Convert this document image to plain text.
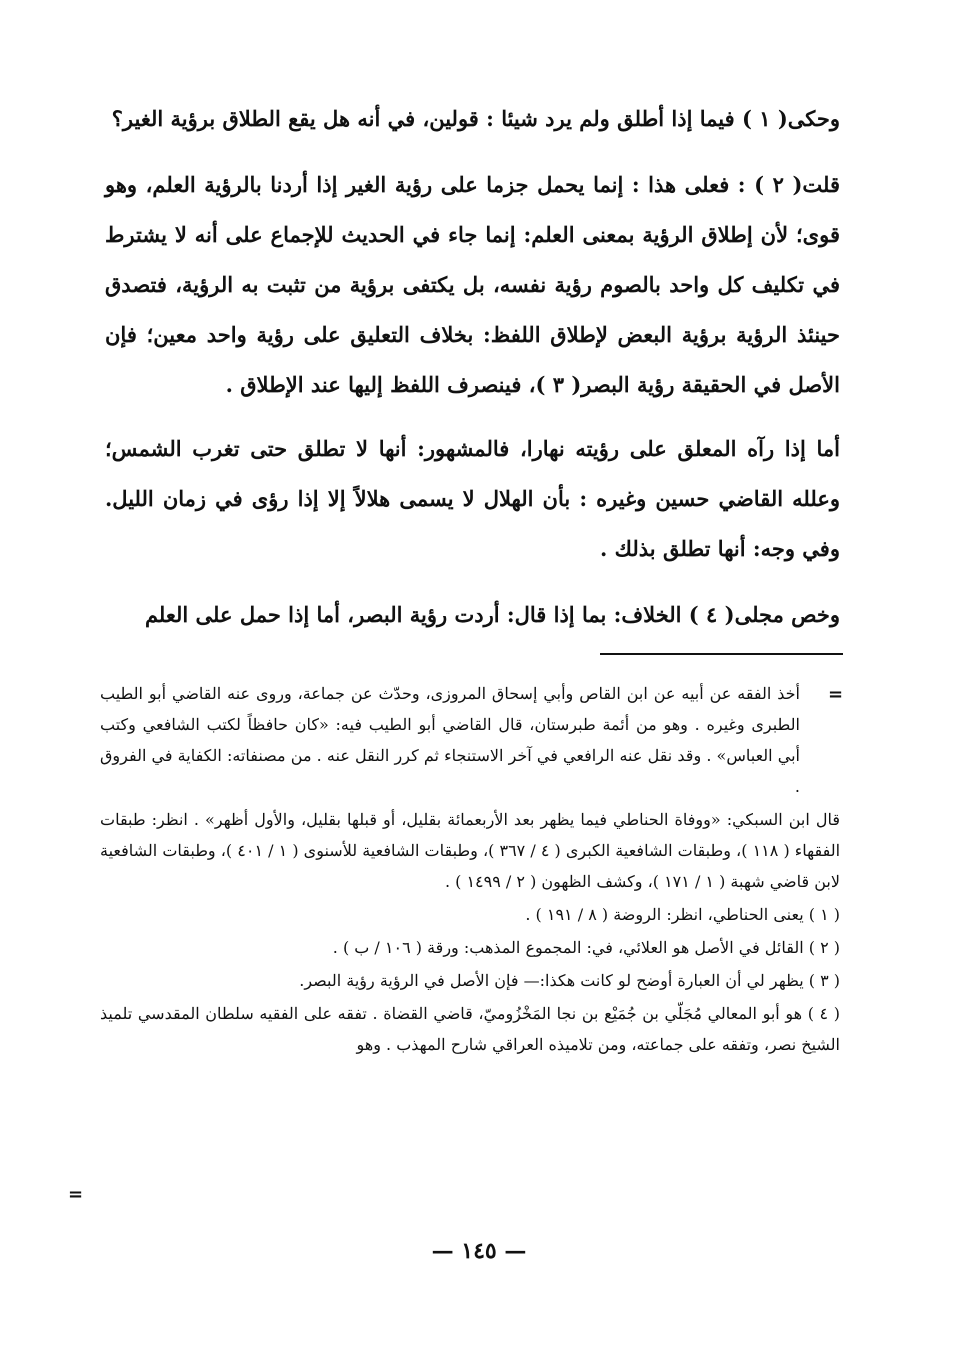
وحكى( ١ ) فيما إذا أطلق ولم يرد شيئا : قولين، في أنه هل يقع الطلاق برؤية الغير؟

قلت( ٢ ) : فعلى هذا : إنما يحمل جزما على رؤية الغير إذا أردنا بالرؤية العلم، وهو قوى؛ لأن إطلاق الرؤية بمعنى العلم: إنما جاء في الحديث للإجماع على أنه لا يشترط في تكليف كل واحد بالصوم رؤية نفسه، بل يكتفى برؤية من تثبت به الرؤية، فتصدق حينئذ الرؤية برؤية البعض لإطلاق اللفظ: بخلاف التعليق على رؤية واحد معين؛ فإن الأصل في الحقيقة رؤية البصر( ٣ )، فينصرف اللفظ إليها عند الإطلاق .

أما إذا رآه المعلق على رؤيته نهارا، فالمشهور: أنها لا تطلق حتى تغرب الشمس؛ وعلله القاضي حسين وغيره : بأن الهلال لا يسمى هلالاً إلا إذا رؤى في زمان الليل. وفي وجه: أنها تطلق بذلك .

وخص مجلى( ٤ ) الخلاف: بما إذا قال: أردت رؤية البصر، أما إذا حمل على العلم

=

أخذ الفقه عن أبيه عن ابن القاص وأبي إسحاق المروزى، وحدّث عن جماعة، وروى عنه القاضي أبو الطيب الطبرى وغيره . وهو من أئمة طبرستان، قال القاضي أبو الطيب فيه: «كان حافظاً لكتب الشافعي وكتب أبي العباس» . وقد نقل عنه الرافعي في آخر الاستنجاء ثم كرر النقل عنه . من مصنفاته: الكفاية في الفروق .

قال ابن السبكي: «ووفاة الحناطي فيما يظهر بعد الأربعمائة بقليل، أو قبلها بقليل، والأول أظهر» . انظر: طبقات الفقهاء ( ١١٨ )، وطبقات الشافعية الكبرى ( ٤ / ٣٦٧ )، وطبقات الشافعية للأسنوى ( ١ / ٤٠١ )، وطبقات الشافعية لابن قاضي شهبة ( ١ / ١٧١ )، وكشف الظهون ( ٢ / ١٤٩٩ ) .

( ١ ) يعنى الحناطي، انظر: الروضة ( ٨ / ١٩١ ) .

( ٢ ) القائل في الأصل هو العلائي، في: المجموع المذهب: ورقة ( ١٠٦ / ب ) .

( ٣ ) يظهر لي أن العبارة أوضح لو كانت هكذا:— فإن الأصل في الرؤية رؤية البصر.

( ٤ ) هو أبو المعالي مُجَلّي بن جُمَيْع بن نجا المَخْزُوميّ، قاضي القضاة . تفقه على الفقيه سلطان المقدسي تلميذ الشيخ نصر، وتفقه على جماعته، ومن تلاميذه العراقي شارح المهذب . وهو

=
— ١٤٥ —
